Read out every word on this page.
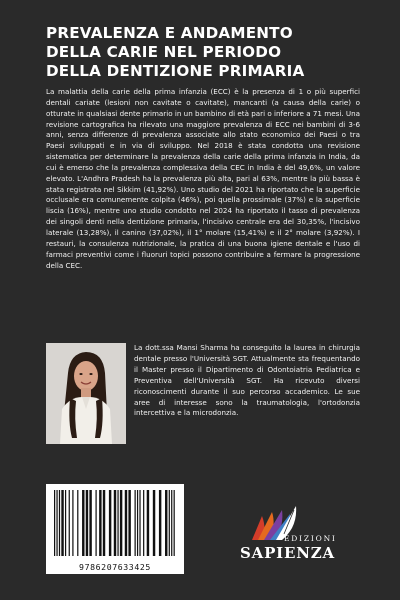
PREVALENZA E ANDAMENTO
DELLA CARIE NEL PERIODO
DELLA DENTIZIONE PRIMARIA

La malattia della carie della prima infanzia (ECC) è la presenza di 1 o più superfici dentali cariate (lesioni non cavitate o cavitate), mancanti (a causa della carie) o otturate in qualsiasi dente primario in un bambino di età pari o inferiore a 71 mesi. Una revisione cartografica ha rilevato una maggiore prevalenza di ECC nei bambini di 3-6 anni, senza differenze di prevalenza associate allo stato economico dei Paesi o tra Paesi sviluppati e in via di sviluppo. Nel 2018 è stata condotta una revisione sistematica per determinare la prevalenza della carie della prima infanzia in India, da cui è emerso che la prevalenza complessiva della CEC in India è del 49,6%, un valore elevato. L'Andhra Pradesh ha la prevalenza più alta, pari al 63%, mentre la più bassa è stata registrata nel Sikkim (41,92%). Uno studio del 2021 ha riportato che la superficie occlusale era comunemente colpita (46%), poi quella prossimale (37%) e la superficie liscia (16%), mentre uno studio condotto nel 2024 ha riportato il tasso di prevalenza dei singoli denti nella dentizione primaria, l'incisivo centrale era del 30,35%, l'incisivo laterale (13,28%), il canino (37,02%), il 1° molare (15,41%) e il 2° molare (3,92%). I restauri, la consulenza nutrizionale, la pratica di una buona igiene dentale e l'uso di farmaci preventivi come i fluoruri topici possono contribuire a fermare la progressione della CEC.

La dott.ssa Mansi Sharma ha conseguito la laurea in chirurgia dentale presso l'Università SGT. Attualmente sta frequentando il Master presso il Dipartimento di Odontoiatria Pediatrica e Preventiva dell'Università SGT. Ha ricevuto diversi riconoscimenti durante il suo percorso accademico. Le sue aree di interesse sono la traumatologia, l'ortodonzia intercettiva e la microdonzia.

9786207633425
EDIZIONI
SAPIENZA
